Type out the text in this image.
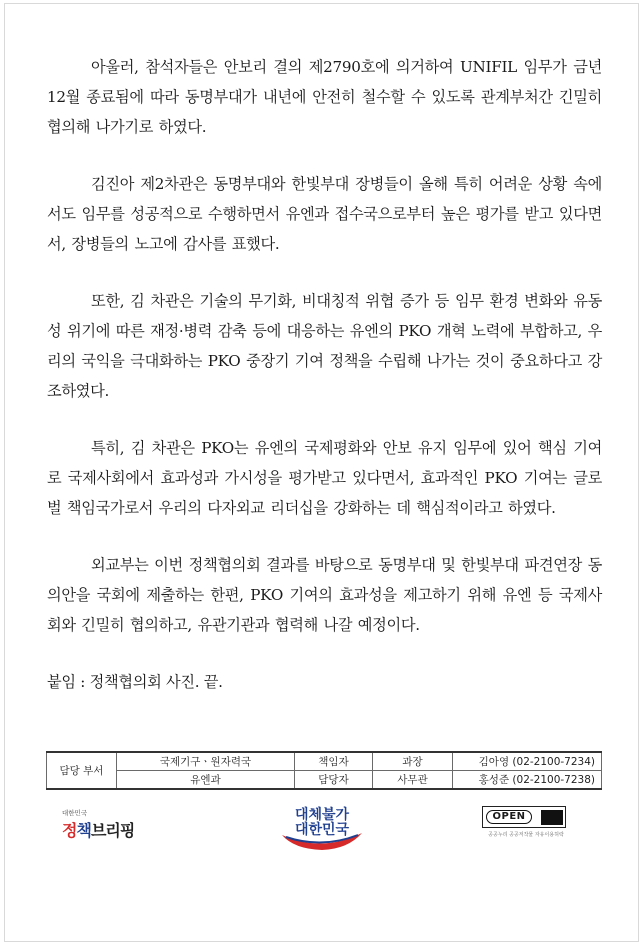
아울러, 참석자들은 안보리 결의 제2790호에 의거하여 UNIFIL 임무가 금년 12월 종료됨에 따라 동명부대가 내년에 안전히 철수할 수 있도록 관계부처간 긴밀히 협의해 나가기로 하였다.

김진아 제2차관은 동명부대와 한빛부대 장병들이 올해 특히 어려운 상황 속에서도 임무를 성공적으로 수행하면서 유엔과 접수국으로부터 높은 평가를 받고 있다면서, 장병들의 노고에 감사를 표했다.

또한, 김 차관은 기술의 무기화, 비대칭적 위협 증가 등 임무 환경 변화와 유동성 위기에 따른 재정·병력 감축 등에 대응하는 유엔의 PKO 개혁 노력에 부합하고, 우리의 국익을 극대화하는 PKO 중장기 기여 정책을 수립해 나가는 것이 중요하다고 강조하였다.

특히, 김 차관은 PKO는 유엔의 국제평화와 안보 유지 임무에 있어 핵심 기여로 국제사회에서 효과성과 가시성을 평가받고 있다면서, 효과적인 PKO 기여는 글로벌 책임국가로서 우리의 다자외교 리더십을 강화하는 데 핵심적이라고 하였다.

외교부는 이번 정책협의회 결과를 바탕으로 동명부대 및 한빛부대 파견연장 동의안을 국회에 제출하는 한편, PKO 기여의 효과성을 제고하기 위해 유엔 등 국제사회와 긴밀히 협의하고, 유관기관과 협력해 나갈 예정이다.

붙임 : 정책협의회 사진. 끝.

담당 부서	국제기구ㆍ원자력국	책임자	과장	김아영 (02-2100-7234)
	유엔과	담당자	사무관	홍성준 (02-2100-7238)
대한민국
정책브리핑
대체불가
대한민국
OPEN
공공누리 공공저작물 자유이용허락
